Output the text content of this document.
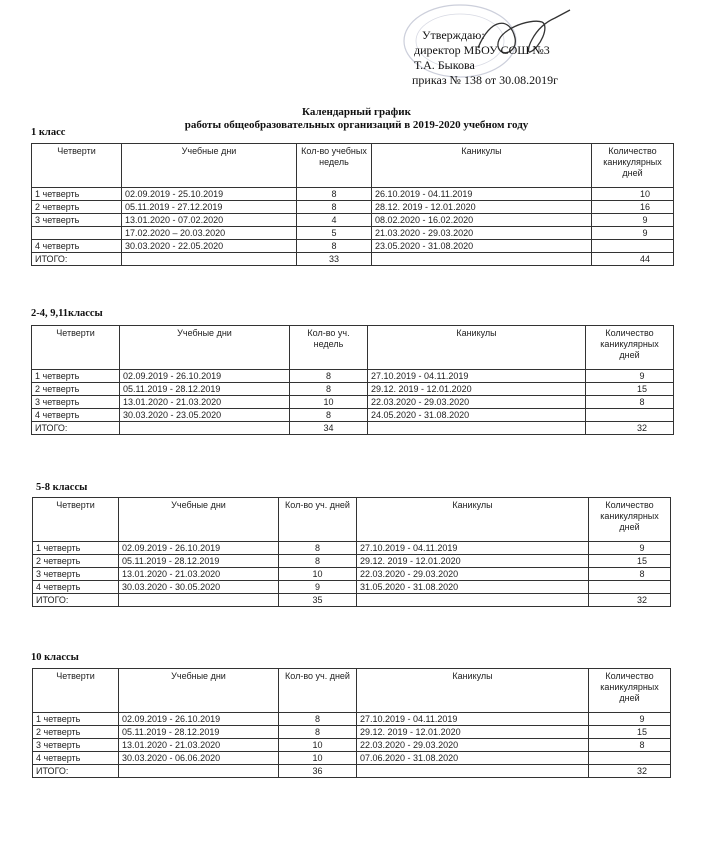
Утверждаю:
директор МБОУ СОШ №3
Т.А. Быкова
приказ № 138 от 30.08.2019г
Календарный график
работы общеобразовательных организаций в 2019-2020 учебном году
1 класс
Четверти	Учебные дни	Кол-во учебных недель	Каникулы	Количество каникулярных дней
1 четверть	02.09.2019 - 25.10.2019	8	26.10.2019 - 04.11.2019	10
2 четверть	05.11.2019 - 27.12.2019	8	28.12. 2019 - 12.01.2020	16
3 четверть	13.01.2020 - 07.02.2020	4	08.02.2020 - 16.02.2020	9
	17.02.2020 – 20.03.2020	5	21.03.2020 - 29.03.2020	9
4 четверть	30.03.2020 - 22.05.2020	8	23.05.2020 - 31.08.2020	
ИТОГО:		33		44
2-4, 9,11классы
Четверти	Учебные дни	Кол-во уч. недель	Каникулы	Количество каникулярных дней
1 четверть	02.09.2019 - 26.10.2019	8	27.10.2019 - 04.11.2019	9
2 четверть	05.11.2019 - 28.12.2019	8	29.12. 2019 - 12.01.2020	15
3 четверть	13.01.2020 - 21.03.2020	10	22.03.2020 - 29.03.2020	8
4 четверть	30.03.2020 - 23.05.2020	8	24.05.2020 - 31.08.2020	
ИТОГО:		34		32
5-8 классы
Четверти	Учебные дни	Кол-во уч. дней	Каникулы	Количество каникулярных дней
1 четверть	02.09.2019 - 26.10.2019	8	27.10.2019 - 04.11.2019	9
2 четверть	05.11.2019 - 28.12.2019	8	29.12. 2019 - 12.01.2020	15
3 четверть	13.01.2020 - 21.03.2020	10	22.03.2020 - 29.03.2020	8
4 четверть	30.03.2020 - 30.05.2020	9	31.05.2020 - 31.08.2020	
ИТОГО:		35		32
10 классы
Четверти	Учебные дни	Кол-во уч. дней	Каникулы	Количество каникулярных дней
1 четверть	02.09.2019 - 26.10.2019	8	27.10.2019 - 04.11.2019	9
2 четверть	05.11.2019 - 28.12.2019	8	29.12. 2019 - 12.01.2020	15
3 четверть	13.01.2020 - 21.03.2020	10	22.03.2020 - 29.03.2020	8
4 четверть	30.03.2020 - 06.06.2020	10	07.06.2020 - 31.08.2020	
ИТОГО:		36		32
